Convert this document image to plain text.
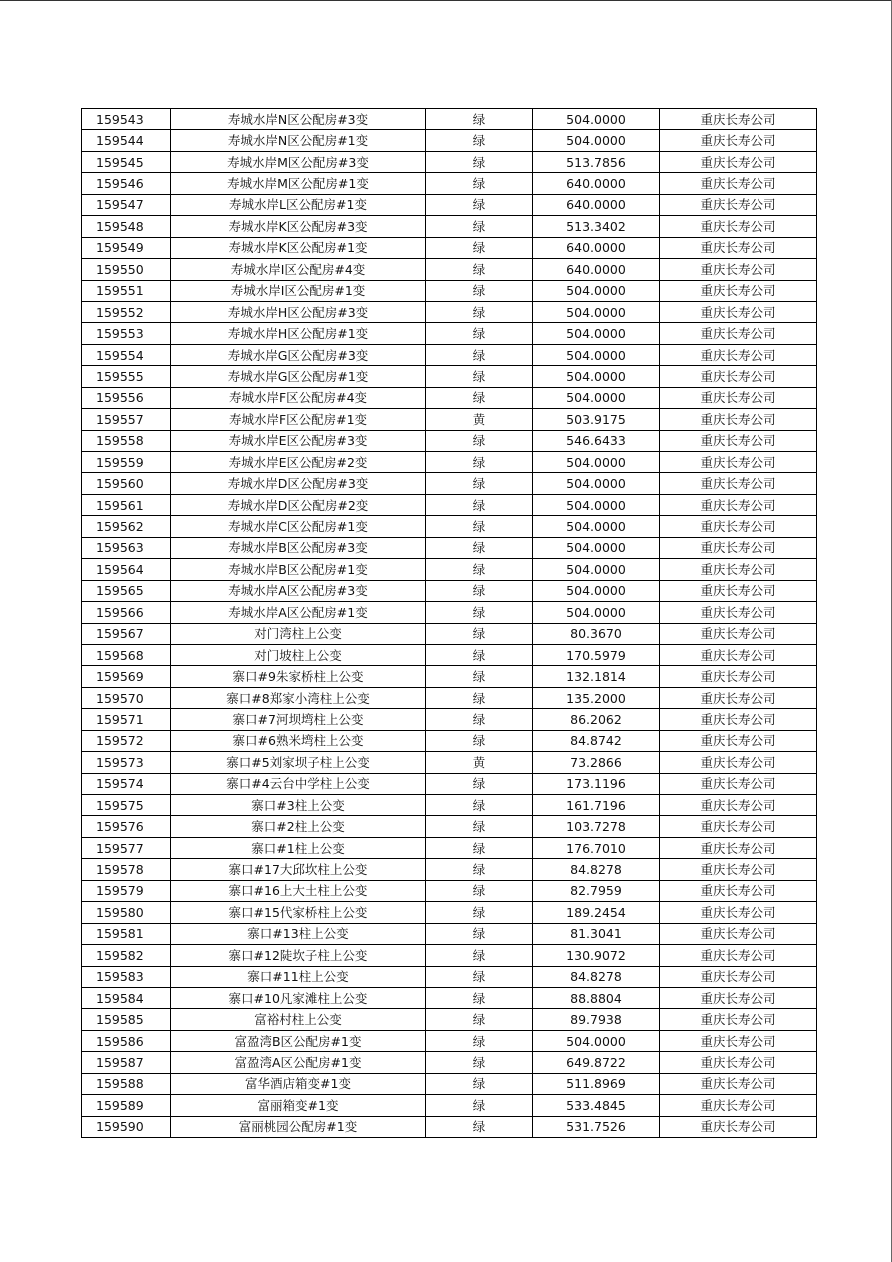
159543	寿城水岸N区公配房#3变	绿	504.0000	重庆长寿公司
159544	寿城水岸N区公配房#1变	绿	504.0000	重庆长寿公司
159545	寿城水岸M区公配房#3变	绿	513.7856	重庆长寿公司
159546	寿城水岸M区公配房#1变	绿	640.0000	重庆长寿公司
159547	寿城水岸L区公配房#1变	绿	640.0000	重庆长寿公司
159548	寿城水岸K区公配房#3变	绿	513.3402	重庆长寿公司
159549	寿城水岸K区公配房#1变	绿	640.0000	重庆长寿公司
159550	寿城水岸I区公配房#4变	绿	640.0000	重庆长寿公司
159551	寿城水岸I区公配房#1变	绿	504.0000	重庆长寿公司
159552	寿城水岸H区公配房#3变	绿	504.0000	重庆长寿公司
159553	寿城水岸H区公配房#1变	绿	504.0000	重庆长寿公司
159554	寿城水岸G区公配房#3变	绿	504.0000	重庆长寿公司
159555	寿城水岸G区公配房#1变	绿	504.0000	重庆长寿公司
159556	寿城水岸F区公配房#4变	绿	504.0000	重庆长寿公司
159557	寿城水岸F区公配房#1变	黄	503.9175	重庆长寿公司
159558	寿城水岸E区公配房#3变	绿	546.6433	重庆长寿公司
159559	寿城水岸E区公配房#2变	绿	504.0000	重庆长寿公司
159560	寿城水岸D区公配房#3变	绿	504.0000	重庆长寿公司
159561	寿城水岸D区公配房#2变	绿	504.0000	重庆长寿公司
159562	寿城水岸C区公配房#1变	绿	504.0000	重庆长寿公司
159563	寿城水岸B区公配房#3变	绿	504.0000	重庆长寿公司
159564	寿城水岸B区公配房#1变	绿	504.0000	重庆长寿公司
159565	寿城水岸A区公配房#3变	绿	504.0000	重庆长寿公司
159566	寿城水岸A区公配房#1变	绿	504.0000	重庆长寿公司
159567	对门湾柱上公变	绿	80.3670	重庆长寿公司
159568	对门坡柱上公变	绿	170.5979	重庆长寿公司
159569	寨口#9朱家桥柱上公变	绿	132.1814	重庆长寿公司
159570	寨口#8郑家小湾柱上公变	绿	135.2000	重庆长寿公司
159571	寨口#7河坝塆柱上公变	绿	86.2062	重庆长寿公司
159572	寨口#6熟米塆柱上公变	绿	84.8742	重庆长寿公司
159573	寨口#5刘家坝子柱上公变	黄	73.2866	重庆长寿公司
159574	寨口#4云台中学柱上公变	绿	173.1196	重庆长寿公司
159575	寨口#3柱上公变	绿	161.7196	重庆长寿公司
159576	寨口#2柱上公变	绿	103.7278	重庆长寿公司
159577	寨口#1柱上公变	绿	176.7010	重庆长寿公司
159578	寨口#17大邱坎柱上公变	绿	84.8278	重庆长寿公司
159579	寨口#16上大土柱上公变	绿	82.7959	重庆长寿公司
159580	寨口#15代家桥柱上公变	绿	189.2454	重庆长寿公司
159581	寨口#13柱上公变	绿	81.3041	重庆长寿公司
159582	寨口#12陡坎子柱上公变	绿	130.9072	重庆长寿公司
159583	寨口#11柱上公变	绿	84.8278	重庆长寿公司
159584	寨口#10凡家滩柱上公变	绿	88.8804	重庆长寿公司
159585	富裕村柱上公变	绿	89.7938	重庆长寿公司
159586	富盈湾B区公配房#1变	绿	504.0000	重庆长寿公司
159587	富盈湾A区公配房#1变	绿	649.8722	重庆长寿公司
159588	富华酒店箱变#1变	绿	511.8969	重庆长寿公司
159589	富丽箱变#1变	绿	533.4845	重庆长寿公司
159590	富丽桃园公配房#1变	绿	531.7526	重庆长寿公司
